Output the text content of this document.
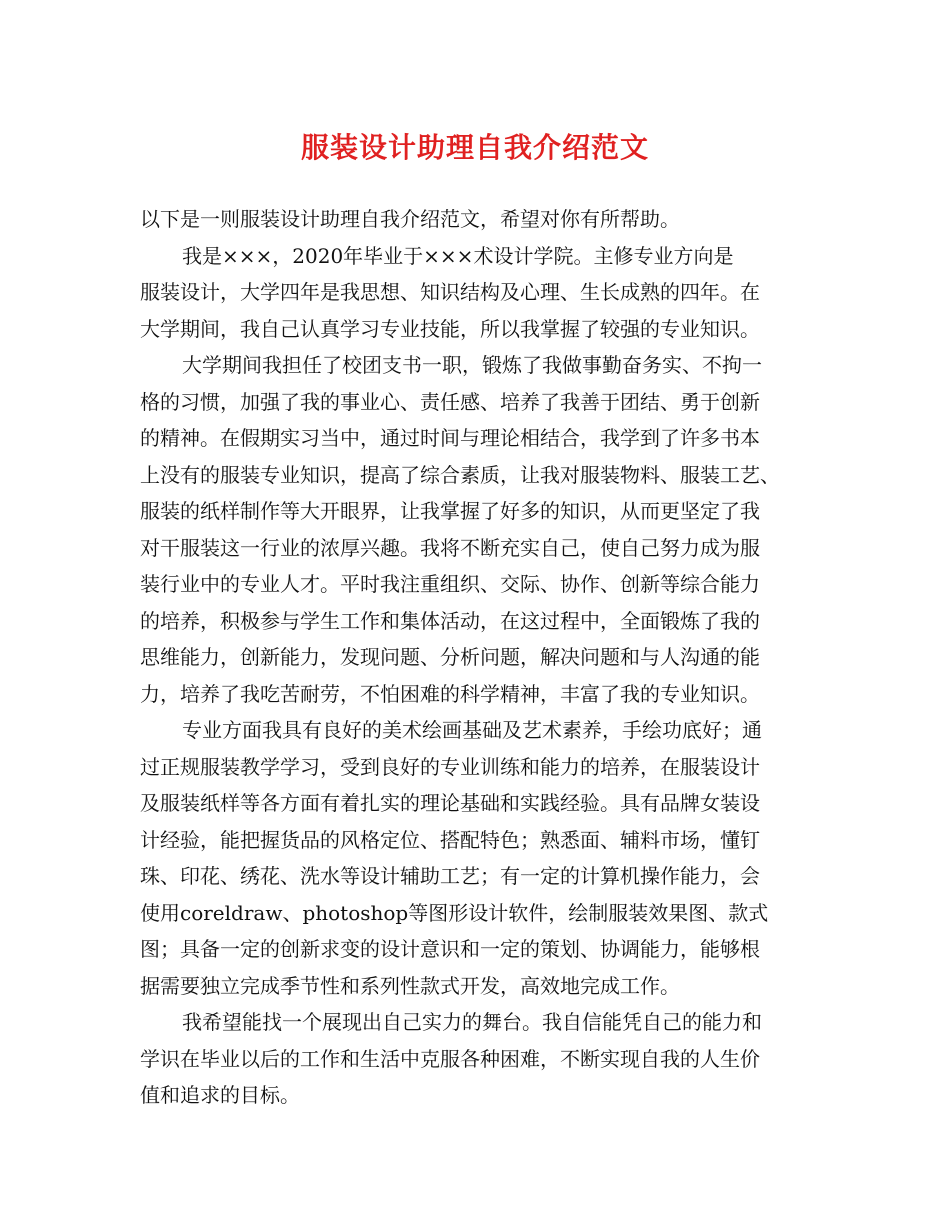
服装设计助理自我介绍范文

以下是一则服装设计助理自我介绍范文，希望对你有所帮助。

我是×××，2020年毕业于×××术设计学院。主修专业方向是
服装设计，大学四年是我思想、知识结构及心理、生长成熟的四年。在
大学期间，我自己认真学习专业技能，所以我掌握了较强的专业知识。

大学期间我担任了校团支书一职，锻炼了我做事勤奋务实、不拘一
格的习惯，加强了我的事业心、责任感、培养了我善于团结、勇于创新
的精神。在假期实习当中，通过时间与理论相结合，我学到了许多书本
上没有的服装专业知识，提高了综合素质，让我对服装物料、服装工艺、
服装的纸样制作等大开眼界，让我掌握了好多的知识，从而更坚定了我
对干服装这一行业的浓厚兴趣。我将不断充实自己，使自己努力成为服
装行业中的专业人才。平时我注重组织、交际、协作、创新等综合能力
的培养，积极参与学生工作和集体活动，在这过程中，全面锻炼了我的
思维能力，创新能力，发现问题、分析问题，解决问题和与人沟通的能
力，培养了我吃苦耐劳，不怕困难的科学精神，丰富了我的专业知识。

专业方面我具有良好的美术绘画基础及艺术素养，手绘功底好；通
过正规服装教学学习，受到良好的专业训练和能力的培养，在服装设计
及服装纸样等各方面有着扎实的理论基础和实践经验。具有品牌女装设
计经验，能把握货品的风格定位、搭配特色；熟悉面、辅料市场，懂钉
珠、印花、绣花、洗水等设计辅助工艺；有一定的计算机操作能力，会
使用coreldraw、photoshop等图形设计软件，绘制服装效果图、款式
图；具备一定的创新求变的设计意识和一定的策划、协调能力，能够根
据需要独立完成季节性和系列性款式开发，高效地完成工作。

我希望能找一个展现出自己实力的舞台。我自信能凭自己的能力和
学识在毕业以后的工作和生活中克服各种困难，不断实现自我的人生价
值和追求的目标。
